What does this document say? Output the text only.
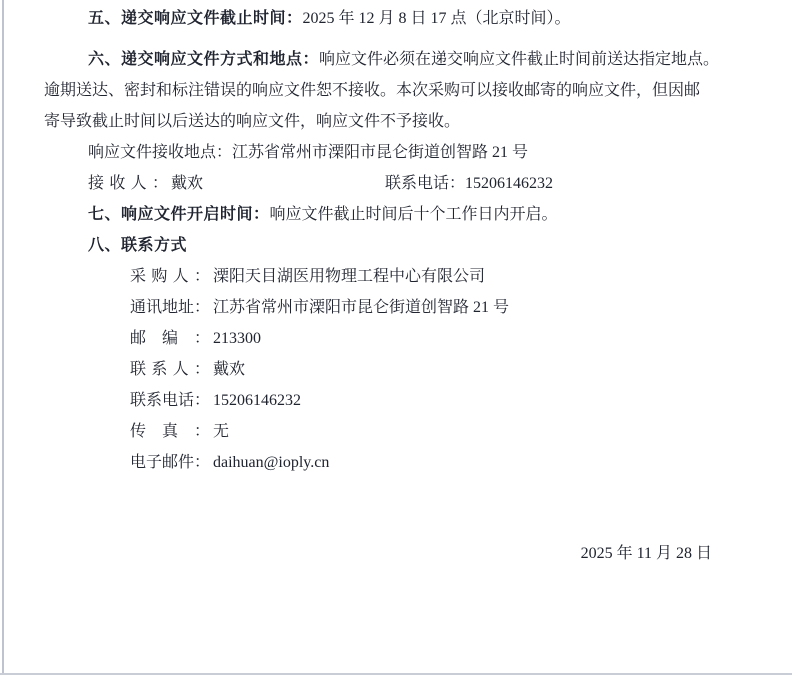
五、递交响应文件截止时间：2025 年 12 月 8 日 17 点（北京时间）。
六、递交响应文件方式和地点：响应文件必须在递交响应文件截止时间前送达指定地点。
逾期送达、密封和标注错误的响应文件恕不接收。本次采购可以接收邮寄的响应文件，但因邮
寄导致截止时间以后送达的响应文件，响应文件不予接收。
响应文件接收地点：江苏省常州市溧阳市昆仑街道创智路 21 号
接收人： 戴欢	联系电话：15206146232
七、响应文件开启时间：响应文件截止时间后十个工作日内开启。
八、联系方式
采购人： 溧阳天目湖医用物理工程中心有限公司
通讯地址： 江苏省常州市溧阳市昆仑街道创智路 21 号
邮编： 213300
联系人： 戴欢
联系电话： 15206146232
传真： 无
电子邮件： daihuan@ioply.cn
2025 年 11 月 28 日
